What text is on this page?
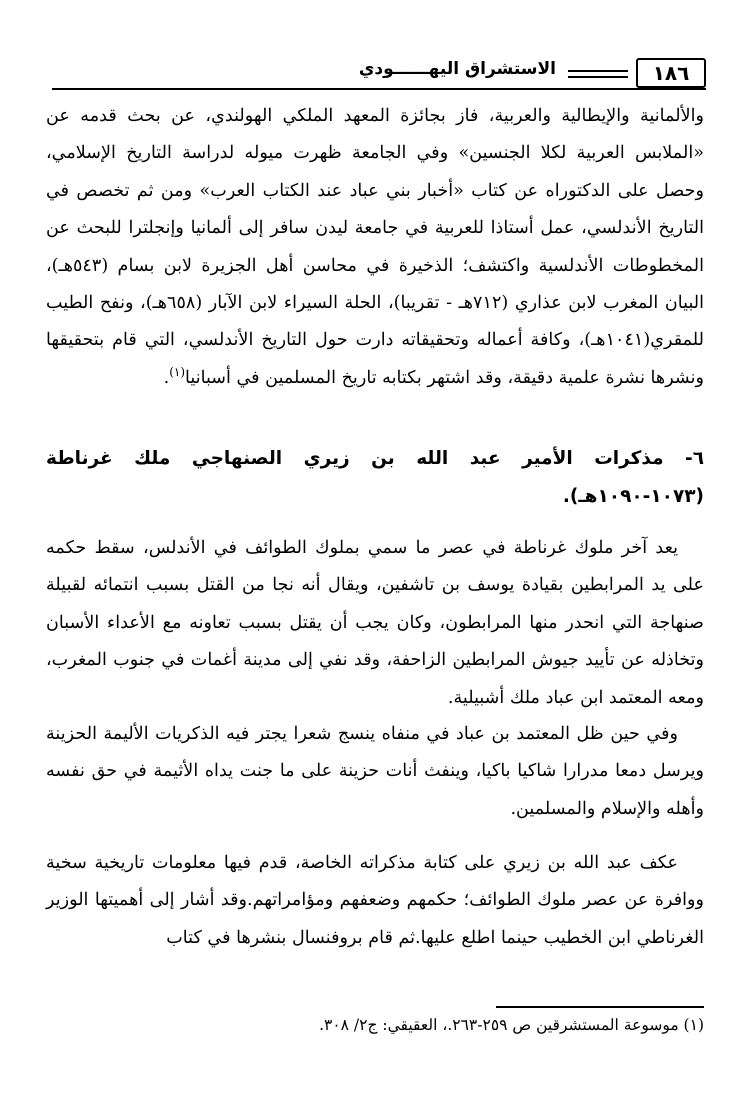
١٨٦
الاستشراق اليهــــــودي
والألمانية والإيطالية والعربية، فاز بجائزة المعهد الملكي الهولندي، عن بحث قدمه عن «الملابس العربية لكلا الجنسين» وفي الجامعة ظهرت ميوله لدراسة التاريخ الإسلامي، وحصل على الدكتوراه عن كتاب «أخبار بني عباد عند الكتاب العرب» ومن ثم تخصص في التاريخ الأندلسي، عمل أستاذا للعربية في جامعة ليدن سافر إلى ألمانيا وإنجلترا للبحث عن المخطوطات الأندلسية واكتشف؛ الذخيرة في محاسن أهل الجزيرة لابن بسام (٥٤٣هـ)، البيان المغرب لابن عذاري (٧١٢هـ - تقريبا)، الحلة السيراء لابن الآبار (٦٥٨هـ)، ونفح الطيب للمقري(١٠٤١هـ)، وكافة أعماله وتحقيقاته دارت حول التاريخ الأندلسي، التي قام بتحقيقها ونشرها نشرة علمية دقيقة، وقد اشتهر بكتابه تاريخ المسلمين في أسبانيا$^{(١)}$.
٦- مذكرات الأمير عبد الله بن زيري الصنهاجي ملك غرناطة (١٠٧٣-١٠٩٠هـ).
يعد آخر ملوك غرناطة في عصر ما سمي بملوك الطوائف في الأندلس، سقط حكمه على يد المرابطين بقيادة يوسف بن تاشفين، ويقال أنه نجا من القتل بسبب انتمائه لقبيلة صنهاجة التي انحدر منها المرابطون، وكان يجب أن يقتل بسبب تعاونه مع الأعداء الأسبان وتخاذله عن تأييد جيوش المرابطين الزاحفة، وقد نفي إلى مدينة أغمات في جنوب المغرب، ومعه المعتمد ابن عباد ملك أشبيلية.
وفي حين ظل المعتمد بن عباد في منفاه ينسج شعرا يجتر فيه الذكريات الأليمة الحزينة ويرسل دمعا مدرارا شاكيا باكيا، وينفث أنات حزينة على ما جنت يداه الأثيمة في حق نفسه وأهله والإسلام والمسلمين.
عكف عبد الله بن زيري على كتابة مذكراته الخاصة، قدم فيها معلومات تاريخية سخية ووافرة عن عصر ملوك الطوائف؛ حكمهم وضعفهم ومؤامراتهم.وقد أشار إلى أهميتها الوزير الغرناطي ابن الخطيب حينما اطلع عليها.ثم قام بروفنسال بنشرها في كتاب
(١) موسوعة المستشرقين ص ٢٥٩-٢٦٣.، العقيقي: ج٢/ ٣٠٨.
